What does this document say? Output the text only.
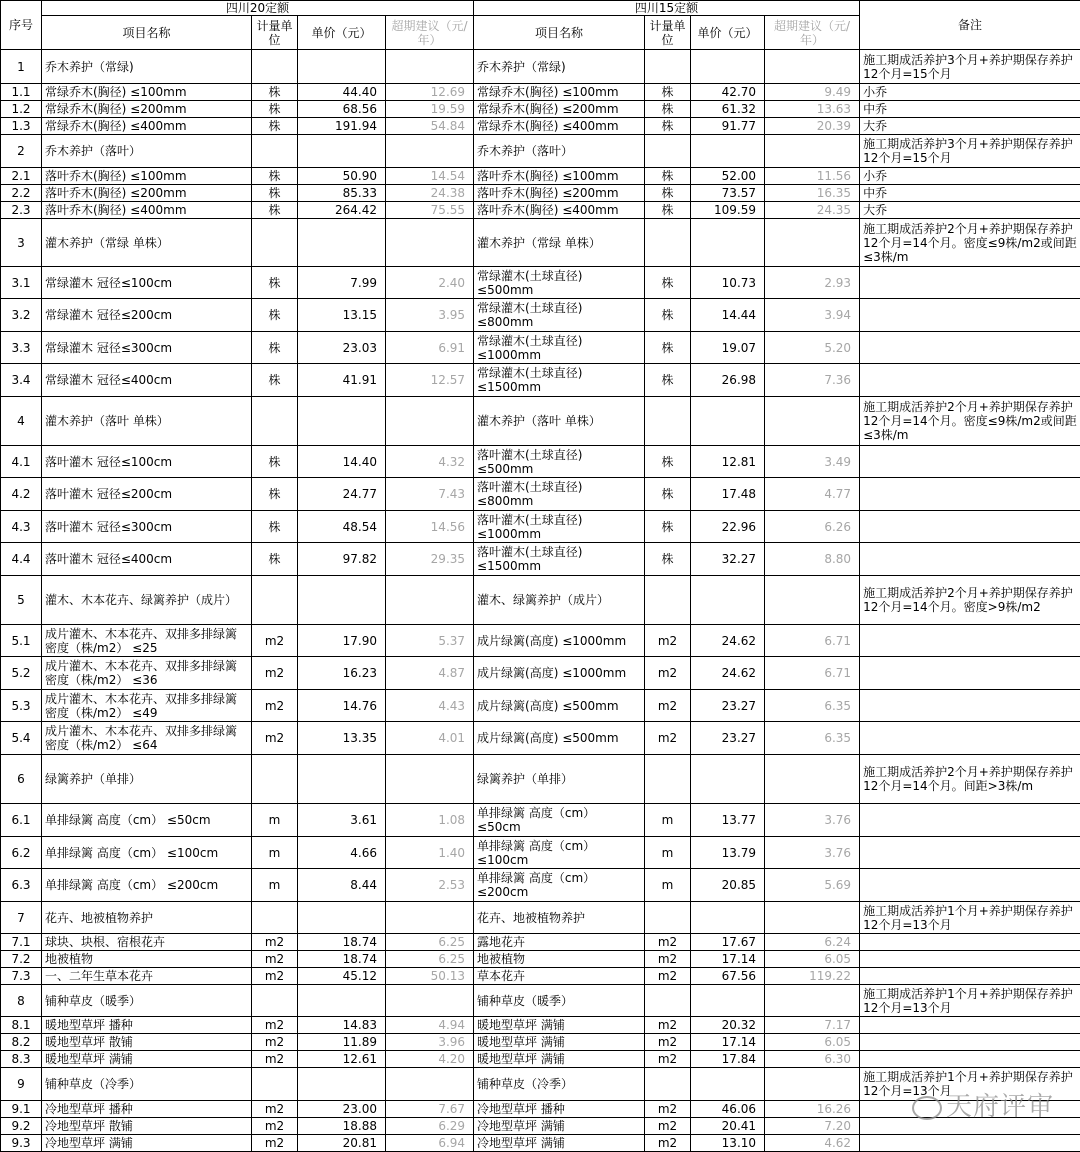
序号	四川20定额				四川15定额				备注
	项目名称	计量单位	单价（元）	超期建议（元/年）	项目名称	计量单位	单价（元）	超期建议（元/年）	
1	乔木养护（常绿)				乔木养护（常绿)				施工期成活养护3个月+养护期保存养护12个月=15个月
1.1	常绿乔木(胸径) ≤100mm	株	44.40	12.69	常绿乔木(胸径) ≤100mm	株	42.70	9.49	小乔
1.2	常绿乔木(胸径) ≤200mm	株	68.56	19.59	常绿乔木(胸径) ≤200mm	株	61.32	13.63	中乔
1.3	常绿乔木(胸径) ≤400mm	株	191.94	54.84	常绿乔木(胸径) ≤400mm	株	91.77	20.39	大乔
2	乔木养护（落叶）				乔木养护（落叶）				施工期成活养护3个月+养护期保存养护12个月=15个月
2.1	落叶乔木(胸径) ≤100mm	株	50.90	14.54	落叶乔木(胸径) ≤100mm	株	52.00	11.56	小乔
2.2	落叶乔木(胸径) ≤200mm	株	85.33	24.38	落叶乔木(胸径) ≤200mm	株	73.57	16.35	中乔
2.3	落叶乔木(胸径) ≤400mm	株	264.42	75.55	落叶乔木(胸径) ≤400mm	株	109.59	24.35	大乔
3	灌木养护（常绿 单株）				灌木养护（常绿 单株）				施工期成活养护2个月+养护期保存养护12个月=14个月。密度≤9株/m2或间距≤3株/m
3.1	常绿灌木 冠径≤100cm	株	7.99	2.40	常绿灌木(土球直径) ≤500mm	株	10.73	2.93	
3.2	常绿灌木 冠径≤200cm	株	13.15	3.95	常绿灌木(土球直径) ≤800mm	株	14.44	3.94	
3.3	常绿灌木 冠径≤300cm	株	23.03	6.91	常绿灌木(土球直径) ≤1000mm	株	19.07	5.20	
3.4	常绿灌木 冠径≤400cm	株	41.91	12.57	常绿灌木(土球直径) ≤1500mm	株	26.98	7.36	
4	灌木养护（落叶 单株）				灌木养护（落叶 单株）				施工期成活养护2个月+养护期保存养护12个月=14个月。密度≤9株/m2或间距≤3株/m
4.1	落叶灌木 冠径≤100cm	株	14.40	4.32	落叶灌木(土球直径) ≤500mm	株	12.81	3.49	
4.2	落叶灌木 冠径≤200cm	株	24.77	7.43	落叶灌木(土球直径) ≤800mm	株	17.48	4.77	
4.3	落叶灌木 冠径≤300cm	株	48.54	14.56	落叶灌木(土球直径) ≤1000mm	株	22.96	6.26	
4.4	落叶灌木 冠径≤400cm	株	97.82	29.35	落叶灌木(土球直径) ≤1500mm	株	32.27	8.80	
5	灌木、木本花卉、绿篱养护（成片）				灌木、绿篱养护（成片）				施工期成活养护2个月+养护期保存养护12个月=14个月。密度>9株/m2
5.1	成片灌木、木本花卉、双排多排绿篱 密度（株/m2） ≤25	m2	17.90	5.37	成片绿篱(高度) ≤1000mm	m2	24.62	6.71	
5.2	成片灌木、木本花卉、双排多排绿篱 密度（株/m2） ≤36	m2	16.23	4.87	成片绿篱(高度) ≤1000mm	m2	24.62	6.71	
5.3	成片灌木、木本花卉、双排多排绿篱 密度（株/m2） ≤49	m2	14.76	4.43	成片绿篱(高度) ≤500mm	m2	23.27	6.35	
5.4	成片灌木、木本花卉、双排多排绿篱 密度（株/m2） ≤64	m2	13.35	4.01	成片绿篱(高度) ≤500mm	m2	23.27	6.35	
6	绿篱养护（单排）				绿篱养护（单排）				施工期成活养护2个月+养护期保存养护12个月=14个月。间距>3株/m
6.1	单排绿篱 高度（cm） ≤50cm	m	3.61	1.08	单排绿篱 高度（cm） ≤50cm	m	13.77	3.76	
6.2	单排绿篱 高度（cm） ≤100cm	m	4.66	1.40	单排绿篱 高度（cm） ≤100cm	m	13.79	3.76	
6.3	单排绿篱 高度（cm） ≤200cm	m	8.44	2.53	单排绿篱 高度（cm） ≤200cm	m	20.85	5.69	
7	花卉、地被植物养护				花卉、地被植物养护				施工期成活养护1个月+养护期保存养护12个月=13个月
7.1	球块、块根、宿根花卉	m2	18.74	6.25	露地花卉	m2	17.67	6.24	
7.2	地被植物	m2	18.74	6.25	地被植物	m2	17.14	6.05	
7.3	一、二年生草本花卉	m2	45.12	50.13	草本花卉	m2	67.56	119.22	
8	铺种草皮（暖季）				铺种草皮（暖季）				施工期成活养护1个月+养护期保存养护12个月=13个月
8.1	暖地型草坪 播种	m2	14.83	4.94	暖地型草坪 满铺	m2	20.32	7.17	
8.2	暖地型草坪 散铺	m2	11.89	3.96	暖地型草坪 满铺	m2	17.14	6.05	
8.3	暖地型草坪 满铺	m2	12.61	4.20	暖地型草坪 满铺	m2	17.84	6.30	
9	铺种草皮（冷季）				铺种草皮（冷季）				施工期成活养护1个月+养护期保存养护12个月=13个月
9.1	冷地型草坪 播种	m2	23.00	7.67	冷地型草坪 播种	m2	46.06	16.26	
9.2	冷地型草坪 散铺	m2	18.88	6.29	冷地型草坪 满铺	m2	20.41	7.20	
9.3	冷地型草坪 满铺	m2	20.81	6.94	冷地型草坪 满铺	m2	13.10	4.62	
天府评审
